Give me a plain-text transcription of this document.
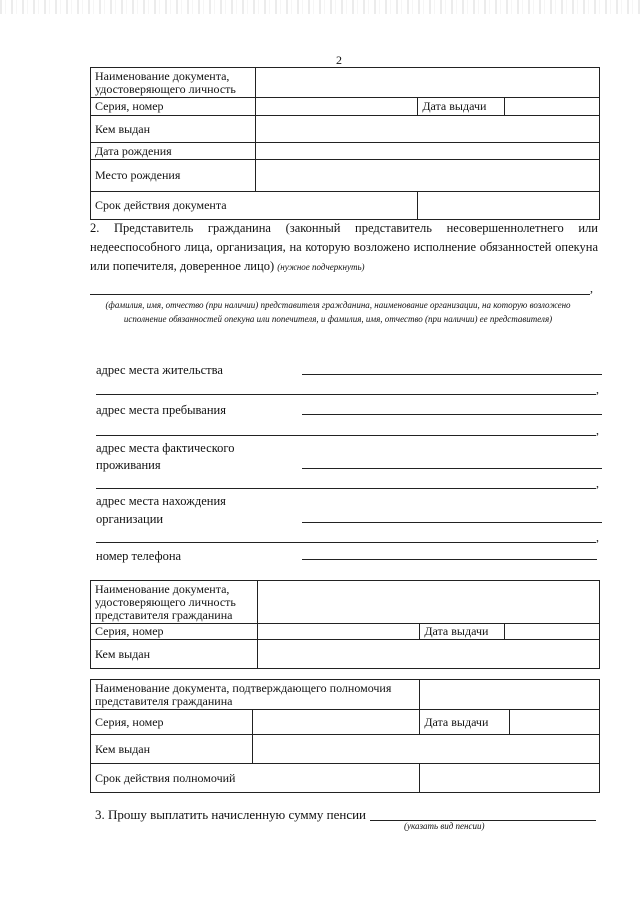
2
Наименование документа, удостоверяющего личность			
Серия, номер		Дата выдачи	
Кем выдан			
Дата рождения			
Место рождения			
Срок действия документа			
2. Представитель гражданина (законный представитель несовершеннолетнего или недееспособного лица, организация, на которую возложено исполнение обязанностей опекуна или попечителя, доверенное лицо) (нужное подчеркнуть)
,
(фамилия, имя, отчество (при наличии) представителя гражданина, наименование организации, на которую возложено исполнение обязанностей опекуна или попечителя, и фамилия, имя, отчество (при наличии) ее представителя)
адрес места жительства
,
адрес места пребывания
,
адрес места фактического
проживания
,
адрес места нахождения
организации
,
номер телефона
Наименование документа, удостоверяющего личность представителя гражданина			
Серия, номер		Дата выдачи	
Кем выдан			
Наименование документа, подтверждающего полномочия представителя гражданина			
Серия, номер		Дата выдачи	
Кем выдан			
Срок действия полномочий			
3. Прошу выплатить начисленную сумму пенсии
(указать вид пенсии)
